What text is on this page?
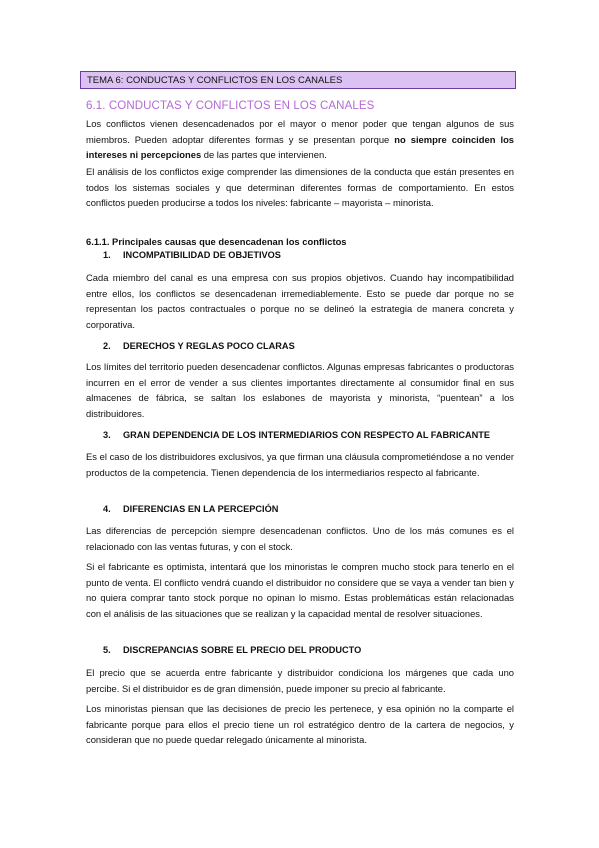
TEMA 6: CONDUCTAS Y CONFLICTOS EN LOS CANALES
6.1. CONDUCTAS Y CONFLICTOS EN LOS CANALES

Los conflictos vienen desencadenados por el mayor o menor poder que tengan algunos de sus miembros. Pueden adoptar diferentes formas y se presentan porque no siempre coinciden los intereses ni percepciones de las partes que intervienen.

El análisis de los conflictos exige comprender las dimensiones de la conducta que están presentes en todos los sistemas sociales y que determinan diferentes formas de comportamiento. En estos conflictos pueden producirse a todos los niveles: fabricante – mayorista – minorista.

6.1.1. Principales causas que desencadenan los conflictos
1. INCOMPATIBILIDAD DE OBJETIVOS

Cada miembro del canal es una empresa con sus propios objetivos. Cuando hay incompatibilidad entre ellos, los conflictos se desencadenan irremediablemente. Esto se puede dar porque no se representan los pactos contractuales o porque no se delineó la estrategia de manera concreta y corporativa.

2. DERECHOS Y REGLAS POCO CLARAS

Los límites del territorio pueden desencadenar conflictos. Algunas empresas fabricantes o productoras incurren en el error de vender a sus clientes importantes directamente al consumidor final en sus almacenes de fábrica, se saltan los eslabones de mayorista y minorista, “puentean” a los distribuidores.

3. GRAN DEPENDENCIA DE LOS INTERMEDIARIOS CON RESPECTO AL FABRICANTE

Es el caso de los distribuidores exclusivos, ya que firman una cláusula comprometiéndose a no vender productos de la competencia. Tienen dependencia de los intermediarios respecto al fabricante.

4. DIFERENCIAS EN LA PERCEPCIÓN

Las diferencias de percepción siempre desencadenan conflictos. Uno de los más comunes es el relacionado con las ventas futuras, y con el stock.

Si el fabricante es optimista, intentará que los minoristas le compren mucho stock para tenerlo en el punto de venta. El conflicto vendrá cuando el distribuidor no considere que se vaya a vender tan bien y no quiera comprar tanto stock porque no opinan lo mismo. Estas problemáticas están relacionadas con el análisis de las situaciones que se realizan y la capacidad mental de resolver situaciones.

5. DISCREPANCIAS SOBRE EL PRECIO DEL PRODUCTO

El precio que se acuerda entre fabricante y distribuidor condiciona los márgenes que cada uno percibe. Si el distribuidor es de gran dimensión, puede imponer su precio al fabricante.

Los minoristas piensan que las decisiones de precio les pertenece, y esa opinión no la comparte el fabricante porque para ellos el precio tiene un rol estratégico dentro de la cartera de negocios, y consideran que no puede quedar relegado únicamente al minorista.
